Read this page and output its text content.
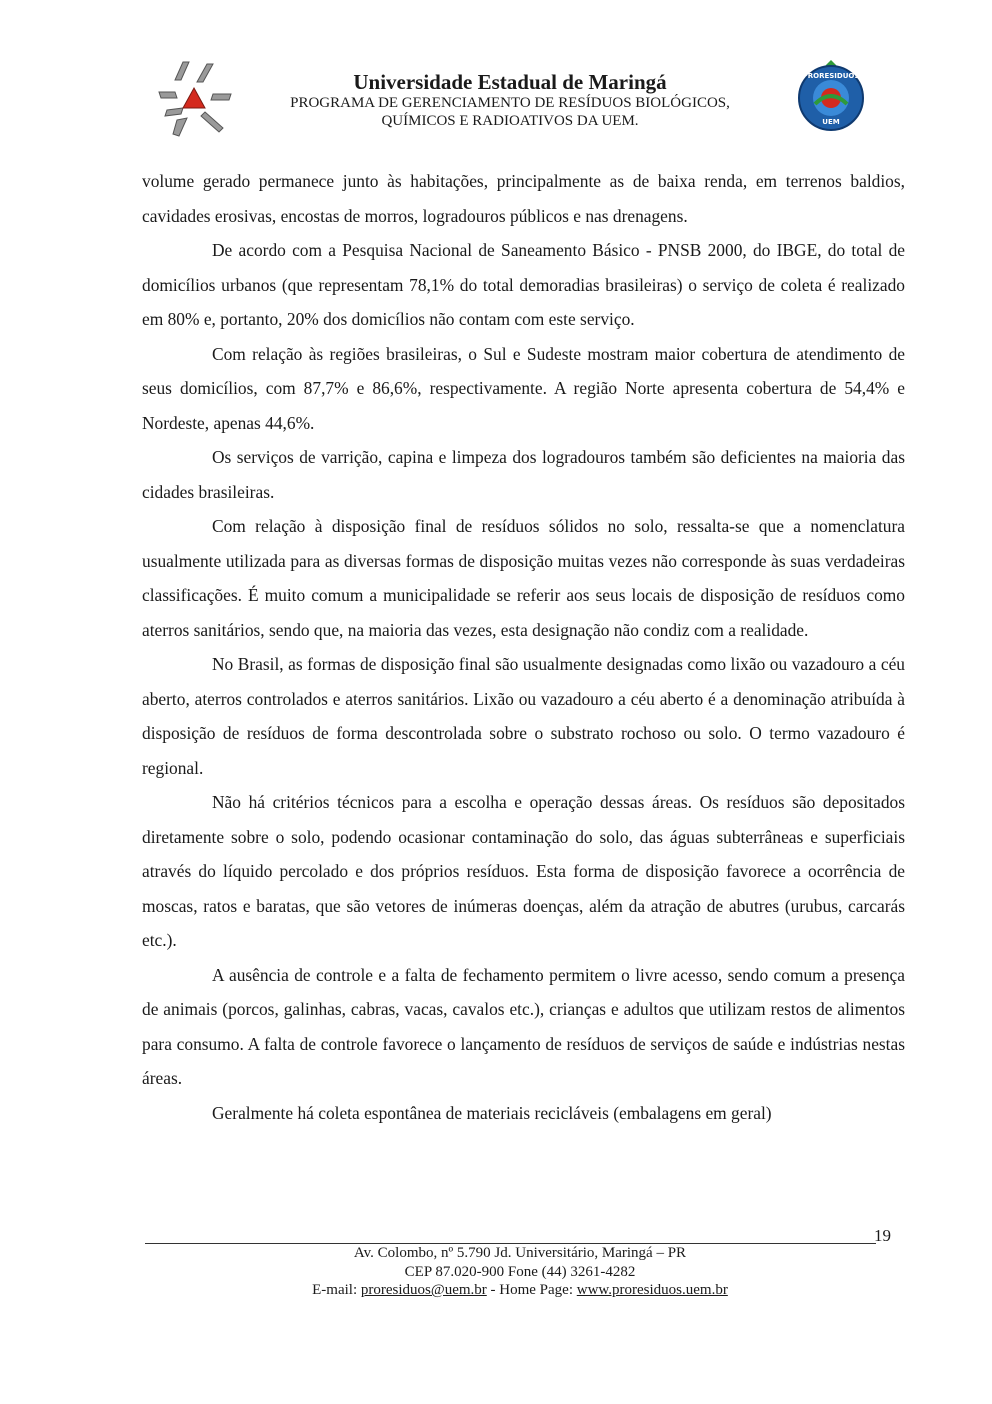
Universidade Estadual de Maringá
PROGRAMA DE GERENCIAMENTO DE RESÍDUOS BIOLÓGICOS,
QUÍMICOS E RADIOATIVOS DA UEM.
PRORESIDUOS
UEM

volume gerado permanece junto às habitações, principalmente as de baixa renda, em terrenos baldios, cavidades erosivas, encostas de morros, logradouros públicos e nas drenagens.

De acordo com a Pesquisa Nacional de Saneamento Básico - PNSB 2000, do IBGE, do total de domicílios urbanos (que representam 78,1% do total demoradias brasileiras) o serviço de coleta é realizado em 80% e, portanto, 20% dos domicílios não contam com este serviço.

Com relação às regiões brasileiras, o Sul e Sudeste mostram maior cobertura de atendimento de seus domicílios, com 87,7% e 86,6%, respectivamente. A região Norte apresenta cobertura de 54,4% e Nordeste, apenas 44,6%.

Os serviços de varrição, capina e limpeza dos logradouros também são deficientes na maioria das cidades brasileiras.

Com relação à disposição final de resíduos sólidos no solo, ressalta-se que a nomenclatura usualmente utilizada para as diversas formas de disposição muitas vezes não corresponde às suas verdadeiras classificações. É muito comum a municipalidade se referir aos seus locais de disposição de resíduos como aterros sanitários, sendo que, na maioria das vezes, esta designação não condiz com a realidade.

No Brasil, as formas de disposição final são usualmente designadas como lixão ou vazadouro a céu aberto, aterros controlados e aterros sanitários. Lixão ou vazadouro a céu aberto é a denominação atribuída à disposição de resíduos de forma descontrolada sobre o substrato rochoso ou solo. O termo vazadouro é regional.

Não há critérios técnicos para a escolha e operação dessas áreas. Os resíduos são depositados diretamente sobre o solo, podendo ocasionar contaminação do solo, das águas subterrâneas e superficiais através do líquido percolado e dos próprios resíduos. Esta forma de disposição favorece a ocorrência de moscas, ratos e baratas, que são vetores de inúmeras doenças, além da atração de abutres (urubus, carcarás etc.).

A ausência de controle e a falta de fechamento permitem o livre acesso, sendo comum a presença de animais (porcos, galinhas, cabras, vacas, cavalos etc.), crianças e adultos que utilizam restos de alimentos para consumo. A falta de controle favorece o lançamento de resíduos de serviços de saúde e indústrias nestas áreas.

Geralmente há coleta espontânea de materiais recicláveis (embalagens em geral)

19
Av. Colombo, nº 5.790 Jd. Universitário, Maringá – PR
CEP 87.020-900 Fone (44) 3261-4282
E-mail: proresiduos@uem.br - Home Page: www.proresiduos.uem.br
